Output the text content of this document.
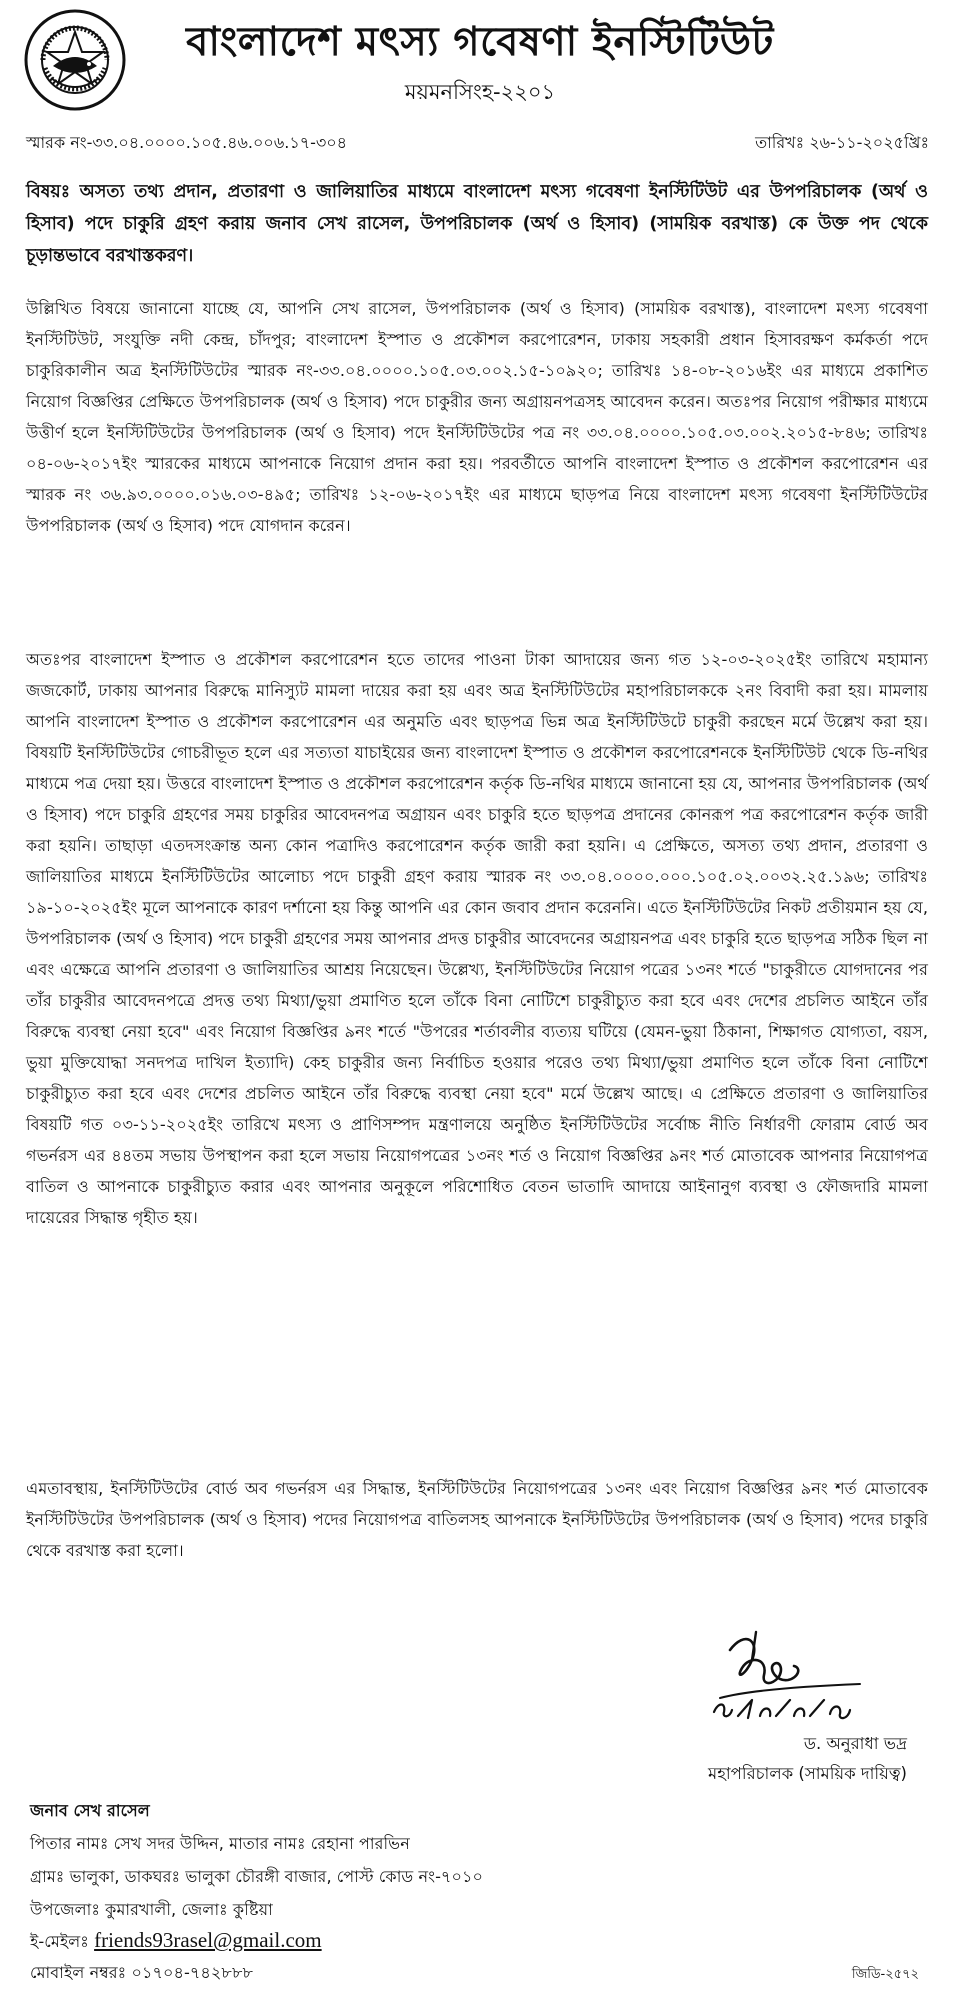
বাংলাদেশ মৎস্য গবেষণা ইনস্টিটিউট
ময়মনসিংহ-২২০১
স্মারক নং-৩৩.০৪.০০০০.১০৫.৪৬.০০৬.১৭-৩০৪	তারিখঃ ২৬-১১-২০২৫খ্রিঃ
বিষয়ঃ অসত্য তথ্য প্রদান, প্রতারণা ও জালিয়াতির মাধ্যমে বাংলাদেশ মৎস্য গবেষণা ইনস্টিটিউট এর উপপরিচালক (অর্থ ও হিসাব) পদে চাকুরি গ্রহণ করায় জনাব সেখ রাসেল, উপপরিচালক (অর্থ ও হিসাব) (সাময়িক বরখাস্ত) কে উক্ত পদ থেকে চূড়ান্তভাবে বরখাস্তকরণ।
উল্লিখিত বিষয়ে জানানো যাচ্ছে যে, আপনি সেখ রাসেল, উপপরিচালক (অর্থ ও হিসাব) (সাময়িক বরখাস্ত), বাংলাদেশ মৎস্য গবেষণা ইনস্টিটিউট, সংযুক্তি নদী কেন্দ্র, চাঁদপুর; বাংলাদেশ ইস্পাত ও প্রকৌশল করপোরেশন, ঢাকায় সহকারী প্রধান হিসাবরক্ষণ কর্মকর্তা পদে চাকুরিকালীন অত্র ইনস্টিটিউটের স্মারক নং-৩৩.০৪.০০০০.১০৫.০৩.০০২.১৫-১০৯২০; তারিখঃ ১৪-০৮-২০১৬ইং এর মাধ্যমে প্রকাশিত নিয়োগ বিজ্ঞপ্তির প্রেক্ষিতে উপপরিচালক (অর্থ ও হিসাব) পদে চাকুরীর জন্য অগ্রায়নপত্রসহ আবেদন করেন। অতঃপর নিয়োগ পরীক্ষার মাধ্যমে উত্তীর্ণ হলে ইনস্টিটিউটের উপপরিচালক (অর্থ ও হিসাব) পদে ইনস্টিটিউটের পত্র নং ৩৩.০৪.০০০০.১০৫.০৩.০০২.২০১৫-৮৪৬; তারিখঃ ০৪-০৬-২০১৭ইং স্মারকের মাধ্যমে আপনাকে নিয়োগ প্রদান করা হয়। পরবর্তীতে আপনি বাংলাদেশ ইস্পাত ও প্রকৌশল করপোরেশন এর স্মারক নং ৩৬.৯৩.০০০০.০১৬.০৩-৪৯৫; তারিখঃ ১২-০৬-২০১৭ইং এর মাধ্যমে ছাড়পত্র নিয়ে বাংলাদেশ মৎস্য গবেষণা ইনস্টিটিউটের উপপরিচালক (অর্থ ও হিসাব) পদে যোগদান করেন।
অতঃপর বাংলাদেশ ইস্পাত ও প্রকৌশল করপোরেশন হতে তাদের পাওনা টাকা আদায়ের জন্য গত ১২-০৩-২০২৫ইং তারিখে মহামান্য জজকোর্ট, ঢাকায় আপনার বিরুদ্ধে মানিস্যুট মামলা দায়ের করা হয় এবং অত্র ইনস্টিটিউটের মহাপরিচালককে ২নং বিবাদী করা হয়। মামলায় আপনি বাংলাদেশ ইস্পাত ও প্রকৌশল করপোরেশন এর অনুমতি এবং ছাড়পত্র ভিন্ন অত্র ইনস্টিটিউটে চাকুরী করছেন মর্মে উল্লেখ করা হয়। বিষয়টি ইনস্টিটিউটের গোচরীভূত হলে এর সত্যতা যাচাইয়ের জন্য বাংলাদেশ ইস্পাত ও প্রকৌশল করপোরেশনকে ইনস্টিটিউট থেকে ডি-নথির মাধ্যমে পত্র দেয়া হয়। উত্তরে বাংলাদেশ ইস্পাত ও প্রকৌশল করপোরেশন কর্তৃক ডি-নথির মাধ্যমে জানানো হয় যে, আপনার উপপরিচালক (অর্থ ও হিসাব) পদে চাকুরি গ্রহণের সময় চাকুরির আবেদনপত্র অগ্রায়ন এবং চাকুরি হতে ছাড়পত্র প্রদানের কোনরূপ পত্র করপোরেশন কর্তৃক জারী করা হয়নি। তাছাড়া এতদসংক্রান্ত অন্য কোন পত্রাদিও করপোরেশন কর্তৃক জারী করা হয়নি। এ প্রেক্ষিতে, অসত্য তথ্য প্রদান, প্রতারণা ও জালিয়াতির মাধ্যমে ইনস্টিটিউটের আলোচ্য পদে চাকুরী গ্রহণ করায় স্মারক নং ৩৩.০৪.০০০০.০০০.১০৫.০২.০০৩২.২৫.১৯৬; তারিখঃ ১৯-১০-২০২৫ইং মূলে আপনাকে কারণ দর্শানো হয় কিন্তু আপনি এর কোন জবাব প্রদান করেননি। এতে ইনস্টিটিউটের নিকট প্রতীয়মান হয় যে, উপপরিচালক (অর্থ ও হিসাব) পদে চাকুরী গ্রহণের সময় আপনার প্রদত্ত চাকুরীর আবেদনের অগ্রায়নপত্র এবং চাকুরি হতে ছাড়পত্র সঠিক ছিল না এবং এক্ষেত্রে আপনি প্রতারণা ও জালিয়াতির আশ্রয় নিয়েছেন। উল্লেখ্য, ইনস্টিটিউটের নিয়োগ পত্রের ১৩নং শর্তে "চাকুরীতে যোগদানের পর তাঁর চাকুরীর আবেদনপত্রে প্রদত্ত তথ্য মিথ্যা/ভুয়া প্রমাণিত হলে তাঁকে বিনা নোটিশে চাকুরীচ্যুত করা হবে এবং দেশের প্রচলিত আইনে তাঁর বিরুদ্ধে ব্যবস্থা নেয়া হবে" এবং নিয়োগ বিজ্ঞপ্তির ৯নং শর্তে "উপরের শর্তাবলীর ব্যত্যয় ঘটিয়ে (যেমন-ভুয়া ঠিকানা, শিক্ষাগত যোগ্যতা, বয়স, ভুয়া মুক্তিযোদ্ধা সনদপত্র দাখিল ইত্যাদি) কেহ চাকুরীর জন্য নির্বাচিত হওয়ার পরেও তথ্য মিথ্যা/ভুয়া প্রমাণিত হলে তাঁকে বিনা নোটিশে চাকুরীচ্যুত করা হবে এবং দেশের প্রচলিত আইনে তাঁর বিরুদ্ধে ব্যবস্থা নেয়া হবে" মর্মে উল্লেখ আছে। এ প্রেক্ষিতে প্রতারণা ও জালিয়াতির বিষয়টি গত ০৩-১১-২০২৫ইং তারিখে মৎস্য ও প্রাণিসম্পদ মন্ত্রণালয়ে অনুষ্ঠিত ইনস্টিটিউটের সর্বোচ্চ নীতি নির্ধারণী ফোরাম বোর্ড অব গভর্নরস এর ৪৪তম সভায় উপস্থাপন করা হলে সভায় নিয়োগপত্রের ১৩নং শর্ত ও নিয়োগ বিজ্ঞপ্তির ৯নং শর্ত মোতাবেক আপনার নিয়োগপত্র বাতিল ও আপনাকে চাকুরীচ্যুত করার এবং আপনার অনুকূলে পরিশোধিত বেতন ভাতাদি আদায়ে আইনানুগ ব্যবস্থা ও ফৌজদারি মামলা দায়েরের সিদ্ধান্ত গৃহীত হয়।
এমতাবস্থায়, ইনস্টিটিউটের বোর্ড অব গভর্নরস এর সিদ্ধান্ত, ইনস্টিটিউটের নিয়োগপত্রের ১৩নং এবং নিয়োগ বিজ্ঞপ্তির ৯নং শর্ত মোতাবেক ইনস্টিটিউটের উপপরিচালক (অর্থ ও হিসাব) পদের নিয়োগপত্র বাতিলসহ আপনাকে ইনস্টিটিউটের উপপরিচালক (অর্থ ও হিসাব) পদের চাকুরি থেকে বরখাস্ত করা হলো।
ড. অনুরাধা ভদ্র
মহাপরিচালক (সাময়িক দায়িত্ব)
জনাব সেখ রাসেল
পিতার নামঃ সেখ সদর উদ্দিন, মাতার নামঃ রেহানা পারভিন
গ্রামঃ ভালুকা, ডাকঘরঃ ভালুকা চৌরঙ্গী বাজার, পোস্ট কোড নং-৭০১০
উপজেলাঃ কুমারখালী, জেলাঃ কুষ্টিয়া
ই-মেইলঃ friends93rasel@gmail.com
মোবাইল নম্বরঃ ০১৭০৪-৭৪২৮৮৮	জিডি-২৫৭২
